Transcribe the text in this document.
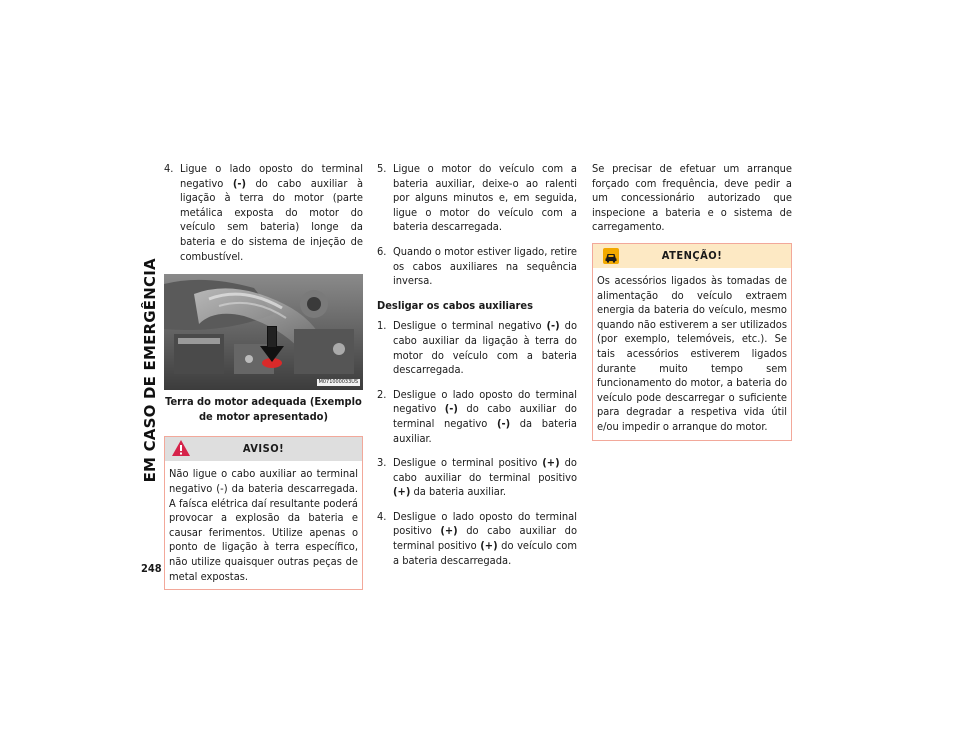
EM CASO DE EMERGÊNCIA
248
4. Ligue o lado oposto do terminal negativo (-) do cabo auxiliar à ligação à terra do motor (parte metálica exposta do motor do veículo sem bateria) longe da bateria e do sistema de injeção de combustível.
M071000033US
Terra do motor adequada (Exemplo de motor apresentado)
AVISO!
Não ligue o cabo auxiliar ao terminal negativo (-) da bateria descarregada. A faísca elétrica daí resultante poderá provocar a explosão da bateria e causar ferimentos. Utilize apenas o ponto de ligação à terra específico, não utilize quaisquer outras peças de metal expostas.
5. Ligue o motor do veículo com a bateria auxiliar, deixe-o ao ralenti por alguns minutos e, em seguida, ligue o motor do veículo com a bateria descarregada.
6. Quando o motor estiver ligado, retire os cabos auxiliares na sequência inversa.
Desligar os cabos auxiliares
1. Desligue o terminal negativo (-) do cabo auxiliar da ligação à terra do motor do veículo com a bateria descarregada.
2. Desligue o lado oposto do terminal negativo (-) do cabo auxiliar do terminal negativo (-) da bateria auxiliar.
3. Desligue o terminal positivo (+) do cabo auxiliar do terminal positivo (+) da bateria auxiliar.
4. Desligue o lado oposto do terminal positivo (+) do cabo auxiliar do terminal positivo (+) do veículo com a bateria descarregada.

Se precisar de efetuar um arranque forçado com frequência, deve pedir a um concessionário autorizado que inspecione a bateria e o sistema de carregamento.

ATENÇÃO!
Os acessórios ligados às tomadas de alimentação do veículo extraem energia da bateria do veículo, mesmo quando não estiverem a ser utilizados (por exemplo, telemóveis, etc.). Se tais acessórios estiverem ligados durante muito tempo sem funcionamento do motor, a bateria do veículo pode descarregar o suficiente para degradar a respetiva vida útil e/ou impedir o arranque do motor.
